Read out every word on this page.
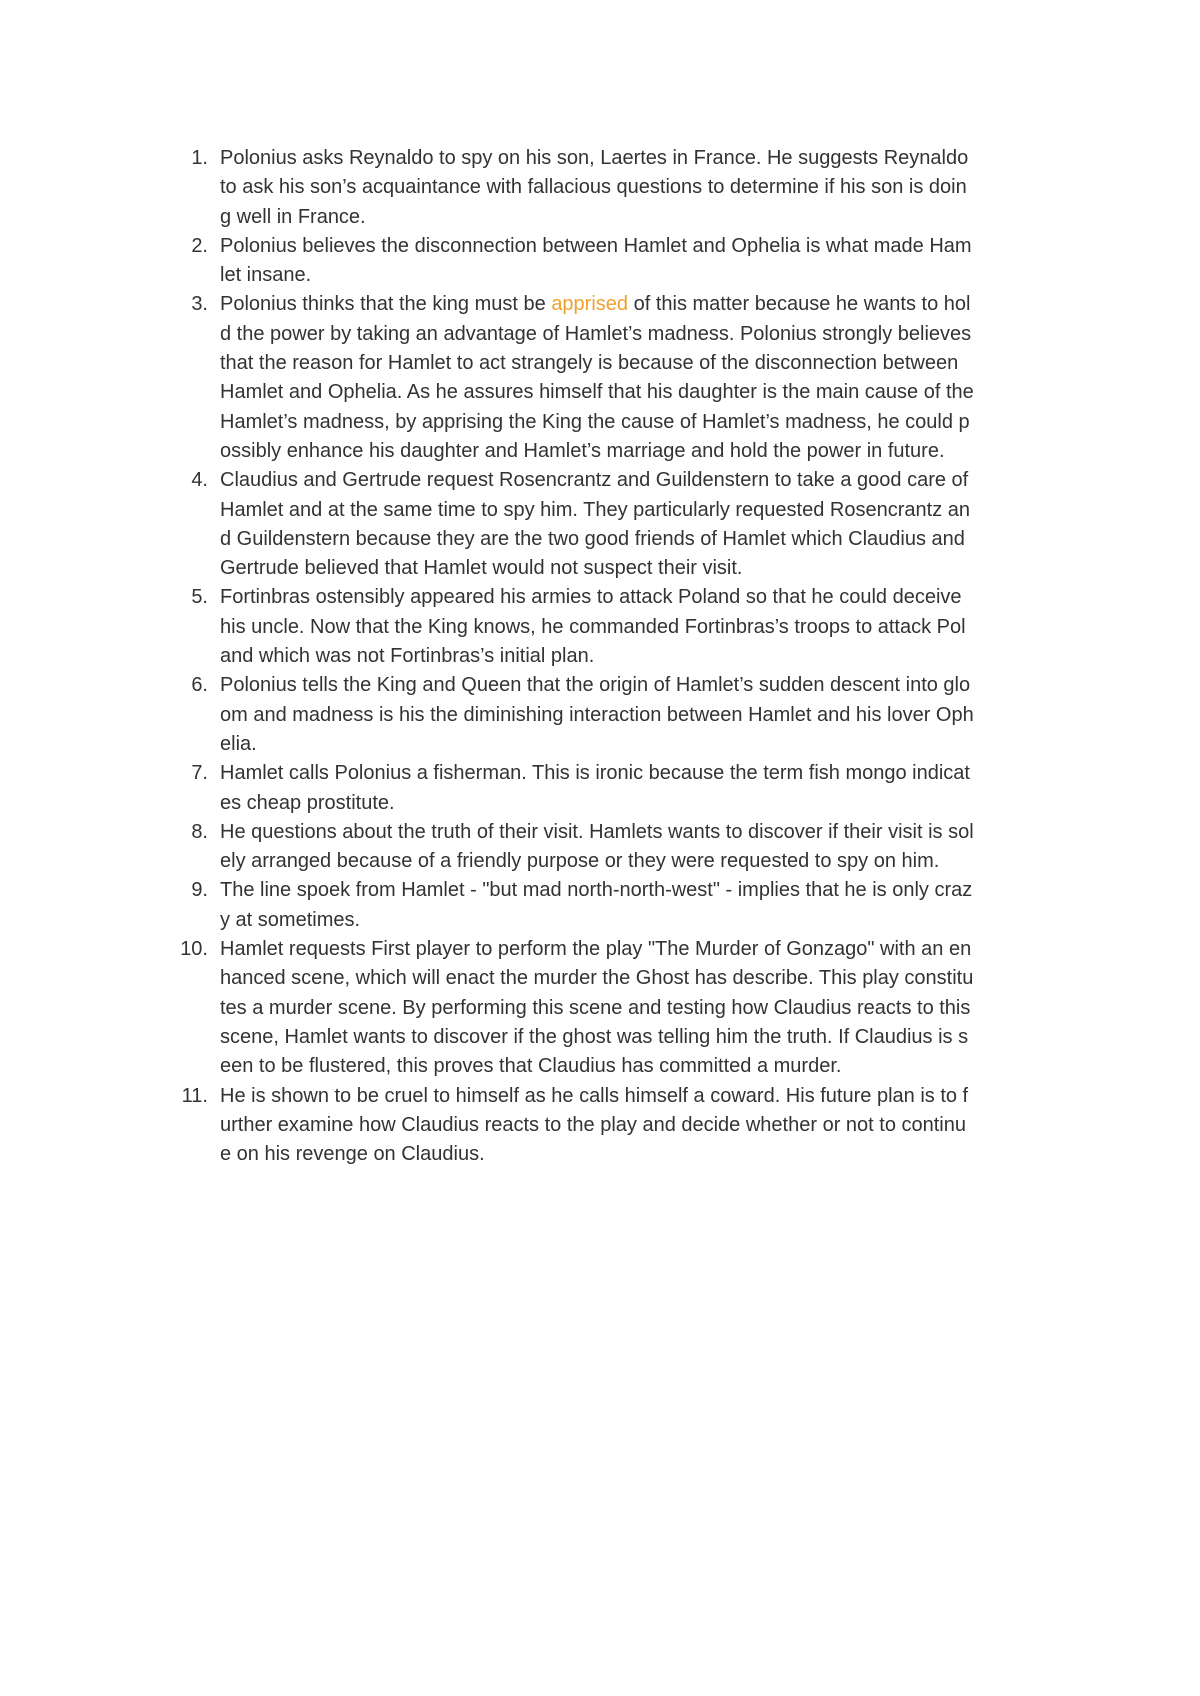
1. Polonius asks Reynaldo to spy on his son, Laertes in France. He suggests Reynaldo
to ask his son’s acquaintance with fallacious questions to determine if his son is doin
g well in France.
2. Polonius believes the disconnection between Hamlet and Ophelia is what made Ham
let insane.
3. Polonius thinks that the king must be apprised of this matter because he wants to hol
d the power by taking an advantage of Hamlet’s madness. Polonius strongly believes
that the reason for Hamlet to act strangely is because of the disconnection between
Hamlet and Ophelia. As he assures himself that his daughter is the main cause of the
Hamlet’s madness, by apprising the King the cause of Hamlet’s madness, he could p
ossibly enhance his daughter and Hamlet’s marriage and hold the power in future.
4. Claudius and Gertrude request Rosencrantz and Guildenstern to take a good care of
Hamlet and at the same time to spy him. They particularly requested Rosencrantz an
d Guildenstern because they are the two good friends of Hamlet which Claudius and
Gertrude believed that Hamlet would not suspect their visit.
5. Fortinbras ostensibly appeared his armies to attack Poland so that he could deceive
his uncle. Now that the King knows, he commanded Fortinbras’s troops to attack Pol
and which was not Fortinbras’s initial plan.
6. Polonius tells the King and Queen that the origin of Hamlet’s sudden descent into glo
om and madness is his the diminishing interaction between Hamlet and his lover Oph
elia.
7. Hamlet calls Polonius a fisherman. This is ironic because the term fish mongo indicat
es cheap prostitute.
8. He questions about the truth of their visit. Hamlets wants to discover if their visit is sol
ely arranged because of a friendly purpose or they were requested to spy on him.
9. The line spoek from Hamlet - "but mad north-north-west" - implies that he is only craz
y at sometimes.
10. Hamlet requests First player to perform the play "The Murder of Gonzago" with an en
hanced scene, which will enact the murder the Ghost has describe. This play constitu
tes a murder scene. By performing this scene and testing how Claudius reacts to this
scene, Hamlet wants to discover if the ghost was telling him the truth. If Claudius is s
een to be flustered, this proves that Claudius has committed a murder.
11. He is shown to be cruel to himself as he calls himself a coward. His future plan is to f
urther examine how Claudius reacts to the play and decide whether or not to continu
e on his revenge on Claudius.
